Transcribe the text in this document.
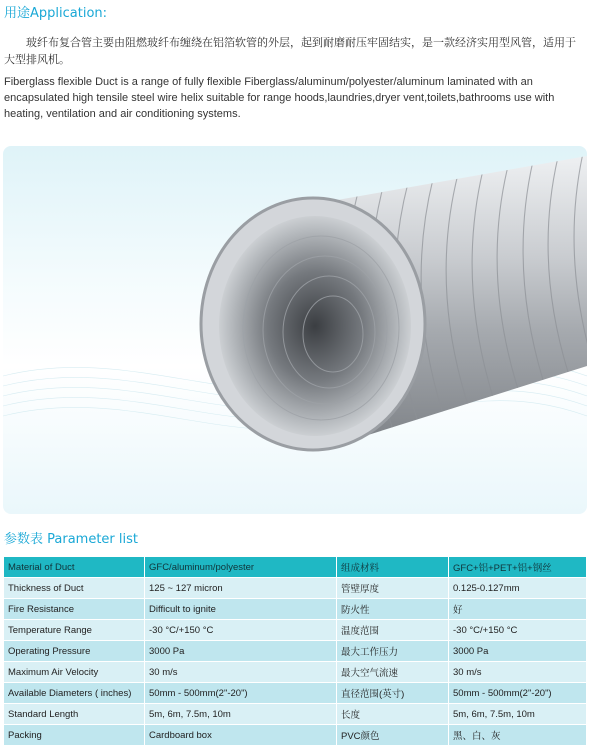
用途Application:

玻纤布复合管主要由阻燃玻纤布缠绕在铝箔软管的外层，起到耐磨耐压牢固结实，是一款经济实用型风管，适用于大型排风机。

Fiberglass flexible Duct is a range of fully flexible Fiberglass/aluminum/polyester/aluminum laminated with an encapsulated high tensile steel wire helix suitable for range hoods,laundries,dryer vent,toilets,bathrooms use with heating, ventilation and air conditioning systems.

参数表 Parameter list
Material of Duct	GFC/aluminum/polyester	组成材料	GFC+铝+PET+铝+钢丝
Thickness of Duct	125 ~ 127 micron	管壁厚度	0.125-0.127mm
Fire Resistance	Difficult to ignite	防火性	好
Temperature Range	-30 °C/+150 °C	温度范围	-30 °C/+150 °C
Operating Pressure	3000 Pa	最大工作压力	3000 Pa
Maximum Air Velocity	30 m/s	最大空气流速	30 m/s
Available Diameters ( inches)	50mm - 500mm(2"-20")	直径范围(英寸)	50mm - 500mm(2"-20")
Standard Length	5m, 6m, 7.5m, 10m	长度	5m, 6m, 7.5m, 10m
Packing	Cardboard box	PVC颜色	黑、白、灰
